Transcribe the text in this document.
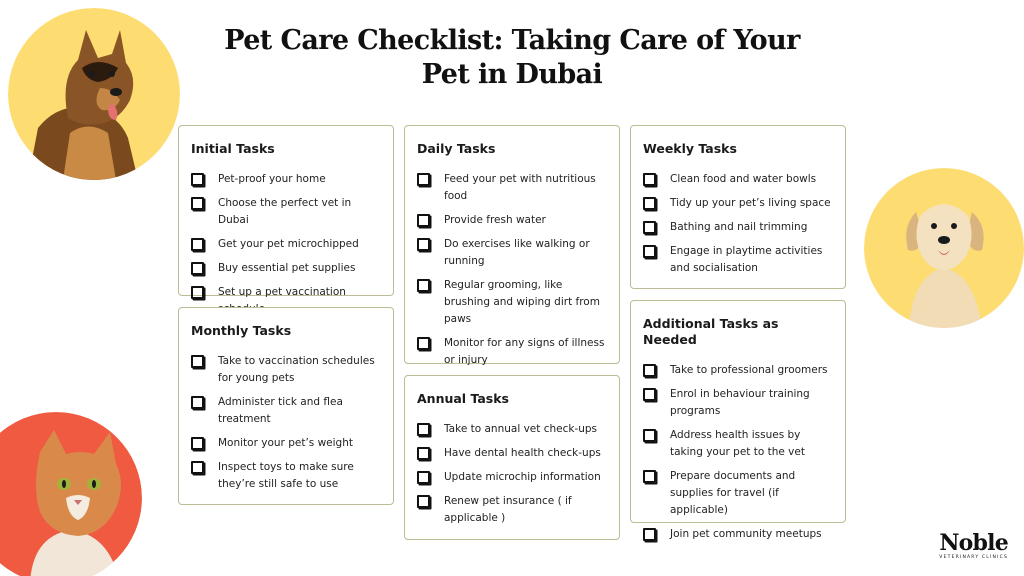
Pet Care Checklist: Taking Care of Your
Pet in Dubai
Initial Tasks
Pet-proof your home
Choose the perfect vet in Dubai
Get your pet microchipped
Buy essential pet supplies
Set up a pet vaccination
Daily Tasks
Feed your pet with nutritious food
Provide fresh water
Do exercises like walking or running
Regular grooming, like brushing and wiping dirt from paws
Monitor for any signs of illness or injury
Weekly Tasks
Clean food and water bowls
Tidy up your pet’s living space
Bathing and nail trimming
Engage in playtime activities and socialisation
Monthly Tasks
Take to vaccination schedules for young pets
Administer tick and flea treatment
Monitor your pet’s weight
Inspect toys to make sure they’re still safe to use
Annual Tasks
Take to annual vet check-ups
Have dental health check-ups
Update microchip information
Renew pet insurance ( if applicable )
Additional Tasks as Needed
Take to professional groomers
Enrol in behaviour training programs
Address health issues by taking your pet to the vet
Prepare documents and supplies for travel (if applicable)
Join pet community meetups	Noble
VETERINARY CLINICS
